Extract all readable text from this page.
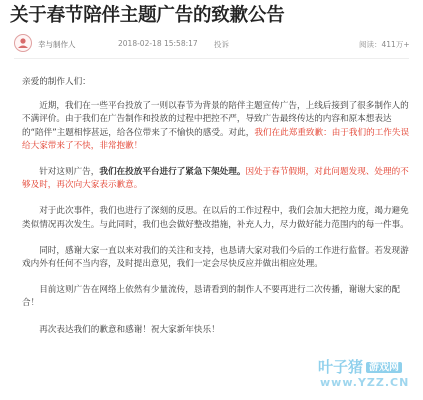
关于春节陪伴主题广告的致歉公告
幸与制作人	2018-02-18 15:58:17 投诉	阅读：411万+

亲爱的制作人们：

近期，我们在一些平台投放了一则以春节为背景的陪伴主题宣传广告，上线后接到了很多制作人的不满评价。由于我们在广告制作和投放的过程中把控不严，导致广告最终传达的内容和原本想表达的“陪伴”主题相悖甚远，给各位带来了不愉快的感受。对此，我们在此郑重致歉：由于我们的工作失误给大家带来了不快，非常抱歉！

针对这则广告，我们在投放平台进行了紧急下架处理。因处于春节假期，对此问题发现、处理的不够及时，再次向大家表示歉意。

对于此次事件，我们也进行了深刻的反思。在以后的工作过程中，我们会加大把控力度，竭力避免类似情况再次发生。与此同时，我们也会做好整改措施，补充人力，尽力做好能力范围内的每一件事。

同时，感谢大家一直以来对我们的关注和支持，也恳请大家对我们今后的工作进行监督。若发现游戏内外有任何不当内容，及时提出意见，我们一定会尽快反应并做出相应处理。

目前这则广告在网络上依然有少量流传，恳请看到的制作人不要再进行二次传播，谢谢大家的配合！

再次表达我们的歉意和感谢！祝大家新年快乐！

叶子猪 $^{游戏网}$
www.YZZ.CN
